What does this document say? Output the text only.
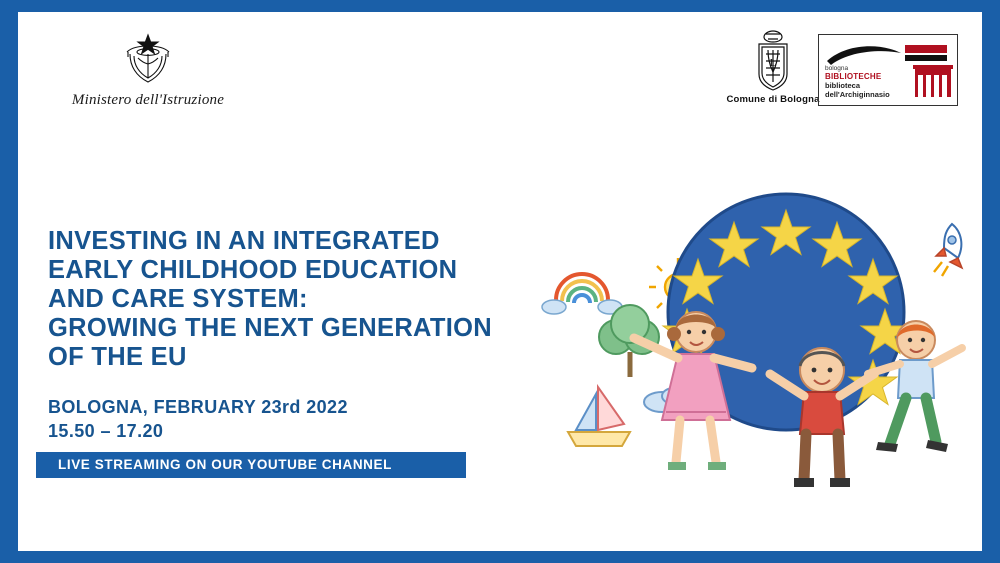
Ministero dell'Istruzione
L
Comune di Bologna
bologna
BIBLIOTECHE
biblioteca dell'Archiginnasio
INVESTING IN AN INTEGRATED
EARLY CHILDHOOD EDUCATION
AND CARE SYSTEM:
GROWING THE NEXT GENERATION
OF THE EU
BOLOGNA, FEBRUARY 23rd 2022
15.50 – 17.20
LIVE STREAMING ON OUR YOUTUBE CHANNEL
